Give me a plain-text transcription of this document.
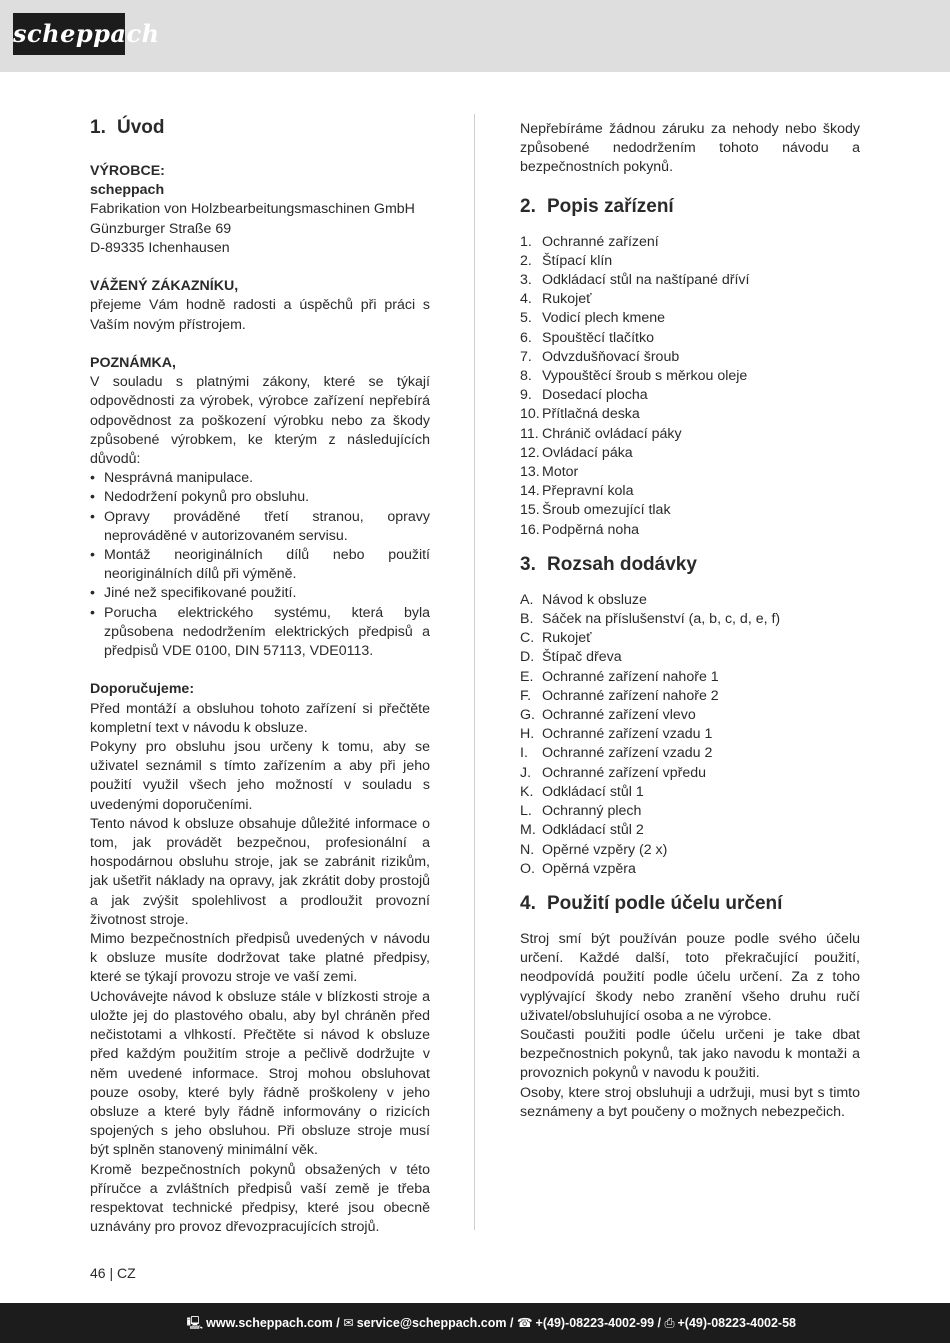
scheppach
1. Úvod

VÝROBCE:

scheppach

Fabrikation von Holzbearbeitungsmaschinen GmbH

Günzburger Straße 69

D-89335 Ichenhausen

VÁŽENÝ ZÁKAZNÍKU,

přejeme Vám hodně radosti a úspěchů při práci s Vaším novým přístrojem.

POZNÁMKA,

V souladu s platnými zákony, které se týkají odpovědnosti za výrobek, výrobce zařízení nepřebírá odpovědnost za poškození výrobku nebo za škody způsobené výrobkem, ke kterým z následujících důvodů:

• Nesprávná manipulace.
• Nedodržení pokynů pro obsluhu.
• Opravy prováděné třetí stranou, opravy neprováděné v autorizovaném servisu.
• Montáž neoriginálních dílů nebo použití neoriginálních dílů při výměně.
• Jiné než specifikované použití.
• Porucha elektrického systému, která byla způsobena nedodržením elektrických předpisů a předpisů VDE 0100, DIN 57113, VDE0113.

Doporučujeme:

Před montáží a obsluhou tohoto zařízení si přečtěte kompletní text v návodu k obsluze.

Pokyny pro obsluhu jsou určeny k tomu, aby se uživatel seznámil s tímto zařízením a aby při jeho použití využil všech jeho možností v souladu s uvedenými doporučeními.

Tento návod k obsluze obsahuje důležité informace o tom, jak provádět bezpečnou, profesionální a hospodárnou obsluhu stroje, jak se zabránit rizikům, jak ušetřit náklady na opravy, jak zkrátit doby prostojů a jak zvýšit spolehlivost a prodloužit provozní životnost stroje.

Mimo bezpečnostních předpisů uvedených v návodu k obsluze musíte dodržovat take platné předpisy, které se týkají provozu stroje ve vaší zemi.

Uchovávejte návod k obsluze stále v blízkosti stroje a uložte jej do plastového obalu, aby byl chráněn před nečistotami a vlhkostí. Přečtěte si návod k obsluze před každým použitím stroje a pečlivě dodržujte v něm uvedené informace. Stroj mohou obsluhovat pouze osoby, které byly řádně proškoleny v jeho obsluze a které byly řádně informovány o rizicích spojených s jeho obsluhou. Při obsluze stroje musí být splněn stanovený minimální věk.

Kromě bezpečnostních pokynů obsažených v této příručce a zvláštních předpisů vaší země je třeba respektovat technické předpisy, které jsou obecně uznávány pro provoz dřevozpracujících strojů.

Nepřebíráme žádnou záruku za nehody nebo škody způsobené nedodržením tohoto návodu a bezpečnostních pokynů.

2. Popis zařízení
1. Ochranné zařízení
2. Štípací klín
3. Odkládací stůl na naštípané dříví
4. Rukojeť
5. Vodicí plech kmene
6. Spouštěcí tlačítko
7. Odvzdušňovací šroub
8. Vypouštěcí šroub s měrkou oleje
9. Dosedací plocha
10. Přítlačná deska
11. Chránič ovládací páky
12. Ovládací páka
13. Motor
14. Přepravní kola
15. Šroub omezující tlak
16. Podpěrná noha
3. Rozsah dodávky
A. Návod k obsluze
B. Sáček na příslušenství (a, b, c, d, e, f)
C. Rukojeť
D. Štípač dřeva
E. Ochranné zařízení nahoře 1
F. Ochranné zařízení nahoře 2
G. Ochranné zařízení vlevo
H. Ochranné zařízení vzadu 1
I. Ochranné zařízení vzadu 2
J. Ochranné zařízení vpředu
K. Odkládací stůl 1
L. Ochranný plech
M. Odkládací stůl 2
N. Opěrné vzpěry (2 x)
O. Opěrná vzpěra
4. Použití podle účelu určení

Stroj smí být používán pouze podle svého účelu určení. Každé další, toto překračující použití, neodpovídá použití podle účelu určení. Za z toho vyplývající škody nebo zranění všeho druhu ručí uživatel/obsluhující osoba a ne výrobce.

Současti použiti podle účelu určeni je take dbat bezpečnostnich pokynů, tak jako navodu k montaži a provoznich pokynů v navodu k použiti.

Osoby, ktere stroj obsluhuji a udržuji, musi byt s timto seznámeny a byt poučeny o možnych nebezpečich.

46 | CZ
🖳︎ www.scheppach.com / ✉ service@scheppach.com / ☎ +(49)-08223-4002-99 / ⎙ +(49)-08223-4002-58
